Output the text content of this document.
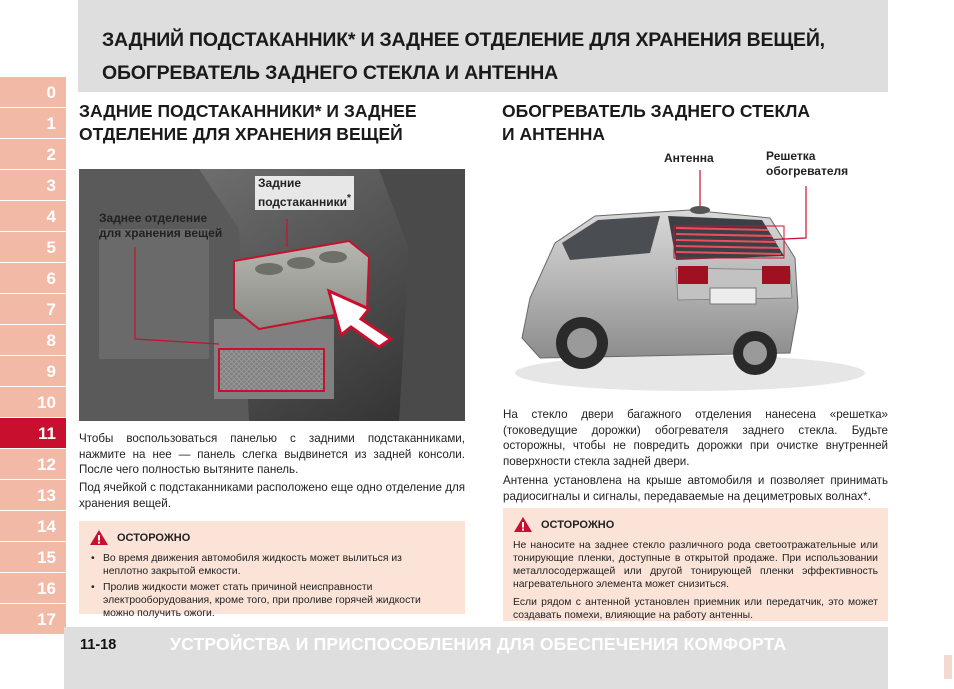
ЗАДНИЙ ПОДСТАКАННИК* И ЗАДНЕЕ ОТДЕЛЕНИЕ ДЛЯ ХРАНЕНИЯ ВЕЩЕЙ,
ОБОГРЕВАТЕЛЬ ЗАДНЕГО СТЕКЛА И АНТЕННА
0
1
2
3
4
5
6
7
8
9
10
11
12
13
14
15
16
17
ЗАДНИЕ ПОДСТАКАННИКИ* И ЗАДНЕЕ
ОТДЕЛЕНИЕ ДЛЯ ХРАНЕНИЯ ВЕЩЕЙ
Заднее отделение
для хранения вещей
Задние
подстаканники*
Чтобы воспользоваться панелью с задними подстаканниками, нажмите на нее — панель слегка выдвинется из задней консоли. После чего полностью вытяните панель.
Под ячейкой с подстаканниками расположено еще одно отделение для хранения вещей.
ОСТОРОЖНО
• Во время движения автомобиля жидкость может вылиться из неплотно закрытой емкости.
• Пролив жидкости может стать причиной неисправности электрооборудования, кроме того, при проливе горячей жидкости можно получить ожоги.
ОБОГРЕВАТЕЛЬ ЗАДНЕГО СТЕКЛА
И АНТЕННА
Антенна	Решетка
обогревателя
На стекло двери багажного отделения нанесена «решетка» (токоведущие дорожки) обогревателя заднего стекла. Будьте осторожны, чтобы не повредить дорожки при очистке внутренней поверхности стекла задней двери.
Антенна установлена на крыше автомобиля и позволяет принимать радиосигналы и сигналы, передаваемые на дециметровых волнах*.
ОСТОРОЖНО

Не наносите на заднее стекло различного рода светоотражательные или тонирующие пленки, доступные в открытой продаже. При использовании металлосодержащей или другой тонирующей пленки эффективность нагревательного элемента может снизиться.

Если рядом с антенной установлен приемник или передатчик, это может создавать помехи, влияющие на работу антенны.

11-18	УСТРОЙСТВА И ПРИСПОСОБЛЕНИЯ ДЛЯ ОБЕСПЕЧЕНИЯ КОМФОРТА
